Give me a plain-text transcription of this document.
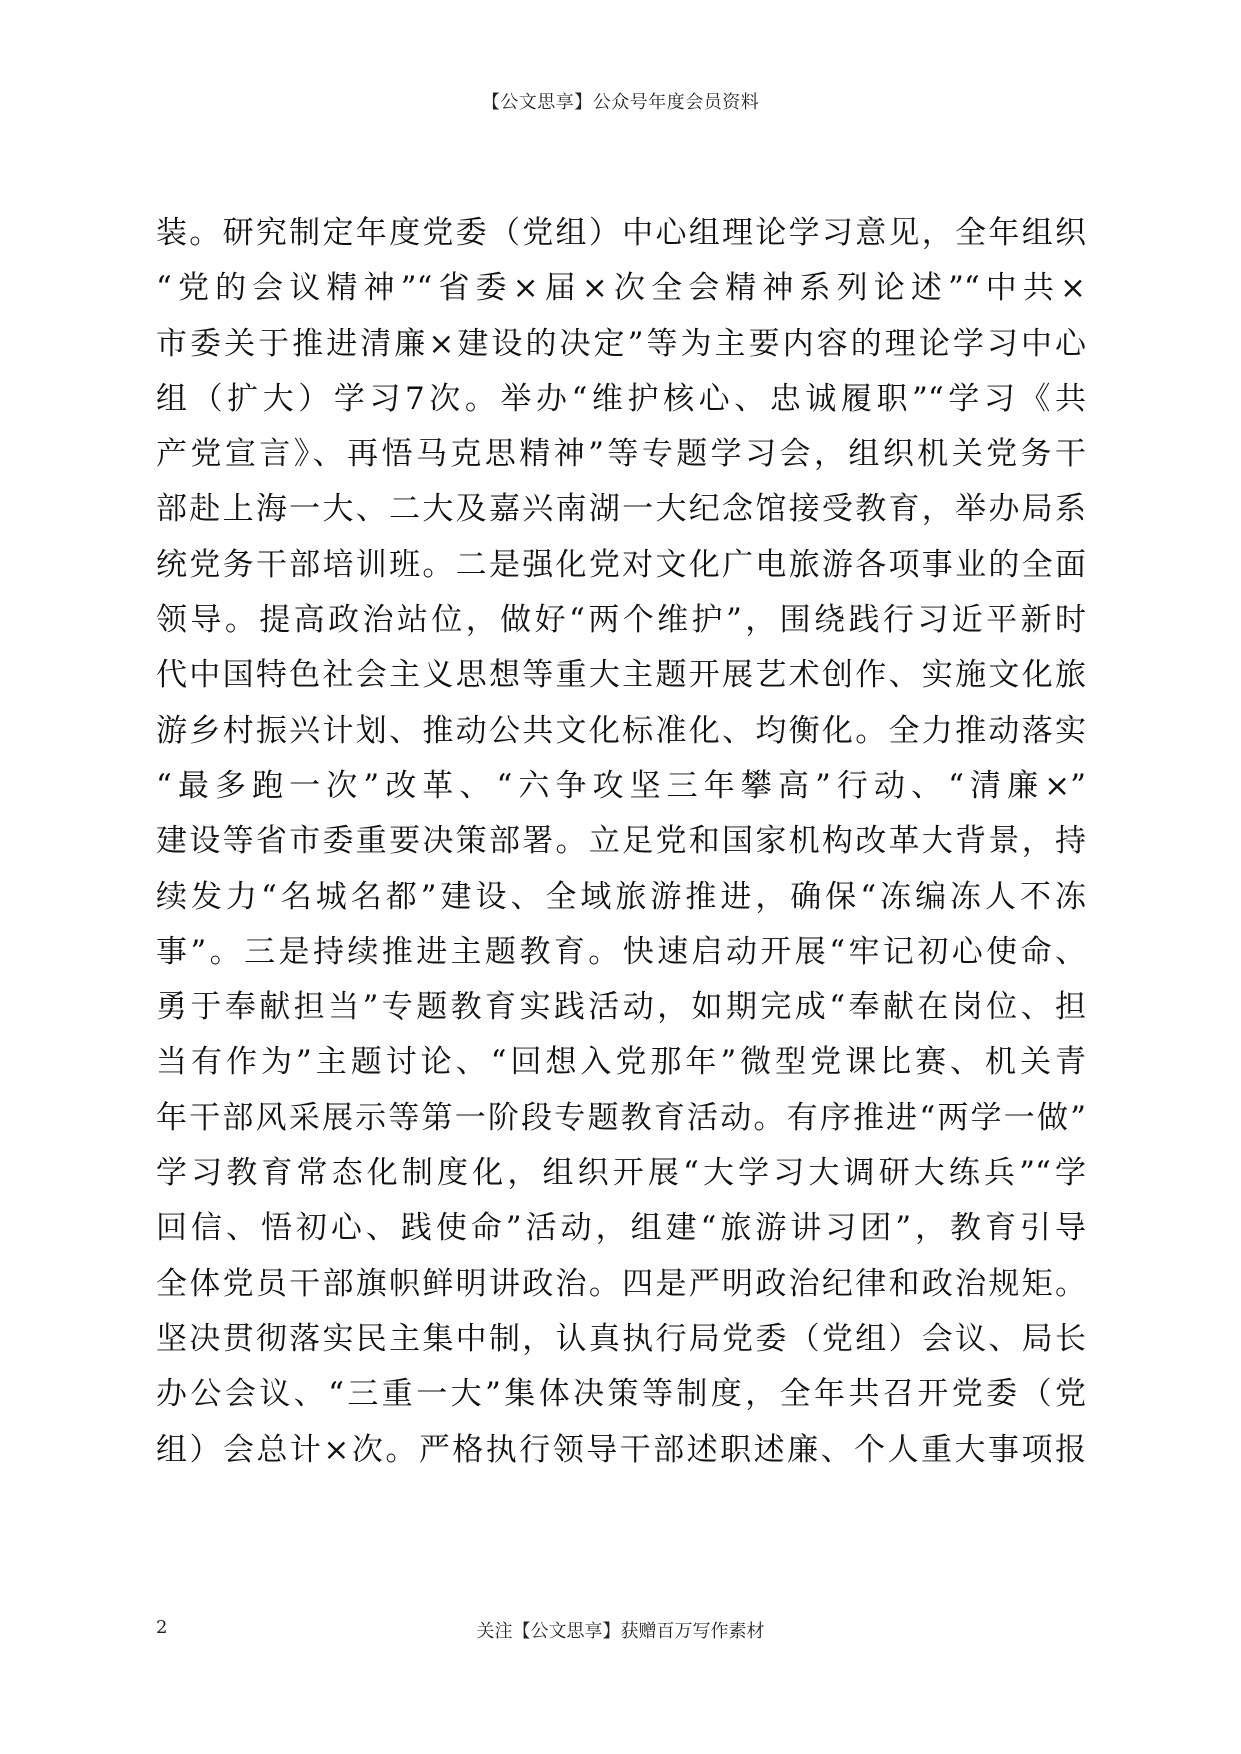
【公文思享】公众号年度会员资料
装。研究制定年度党委（党组）中心组理论学习意见，全年组织
“党的会议精神”“省委×届×次全会精神系列论述”“中共×
市委关于推进清廉×建设的决定”等为主要内容的理论学习中心
组（扩大）学习7次。举办“维护核心、忠诚履职”“学习《共
产党宣言》、再悟马克思精神”等专题学习会，组织机关党务干
部赴上海一大、二大及嘉兴南湖一大纪念馆接受教育，举办局系
统党务干部培训班。二是强化党对文化广电旅游各项事业的全面
领导。提高政治站位，做好“两个维护”，围绕践行习近平新时
代中国特色社会主义思想等重大主题开展艺术创作、实施文化旅
游乡村振兴计划、推动公共文化标准化、均衡化。全力推动落实
“最多跑一次”改革、“六争攻坚三年攀高”行动、“清廉×”
建设等省市委重要决策部署。立足党和国家机构改革大背景，持
续发力“名城名都”建设、全域旅游推进，确保“冻编冻人不冻
事”。三是持续推进主题教育。快速启动开展“牢记初心使命、
勇于奉献担当”专题教育实践活动，如期完成“奉献在岗位、担
当有作为”主题讨论、“回想入党那年”微型党课比赛、机关青
年干部风采展示等第一阶段专题教育活动。有序推进“两学一做”
学习教育常态化制度化，组织开展“大学习大调研大练兵”“学
回信、悟初心、践使命”活动，组建“旅游讲习团”，教育引导
全体党员干部旗帜鲜明讲政治。四是严明政治纪律和政治规矩。
坚决贯彻落实民主集中制，认真执行局党委（党组）会议、局长
办公会议、“三重一大”集体决策等制度，全年共召开党委（党
组）会总计×次。严格执行领导干部述职述廉、个人重大事项报
2	关注【公文思享】获赠百万写作素材
